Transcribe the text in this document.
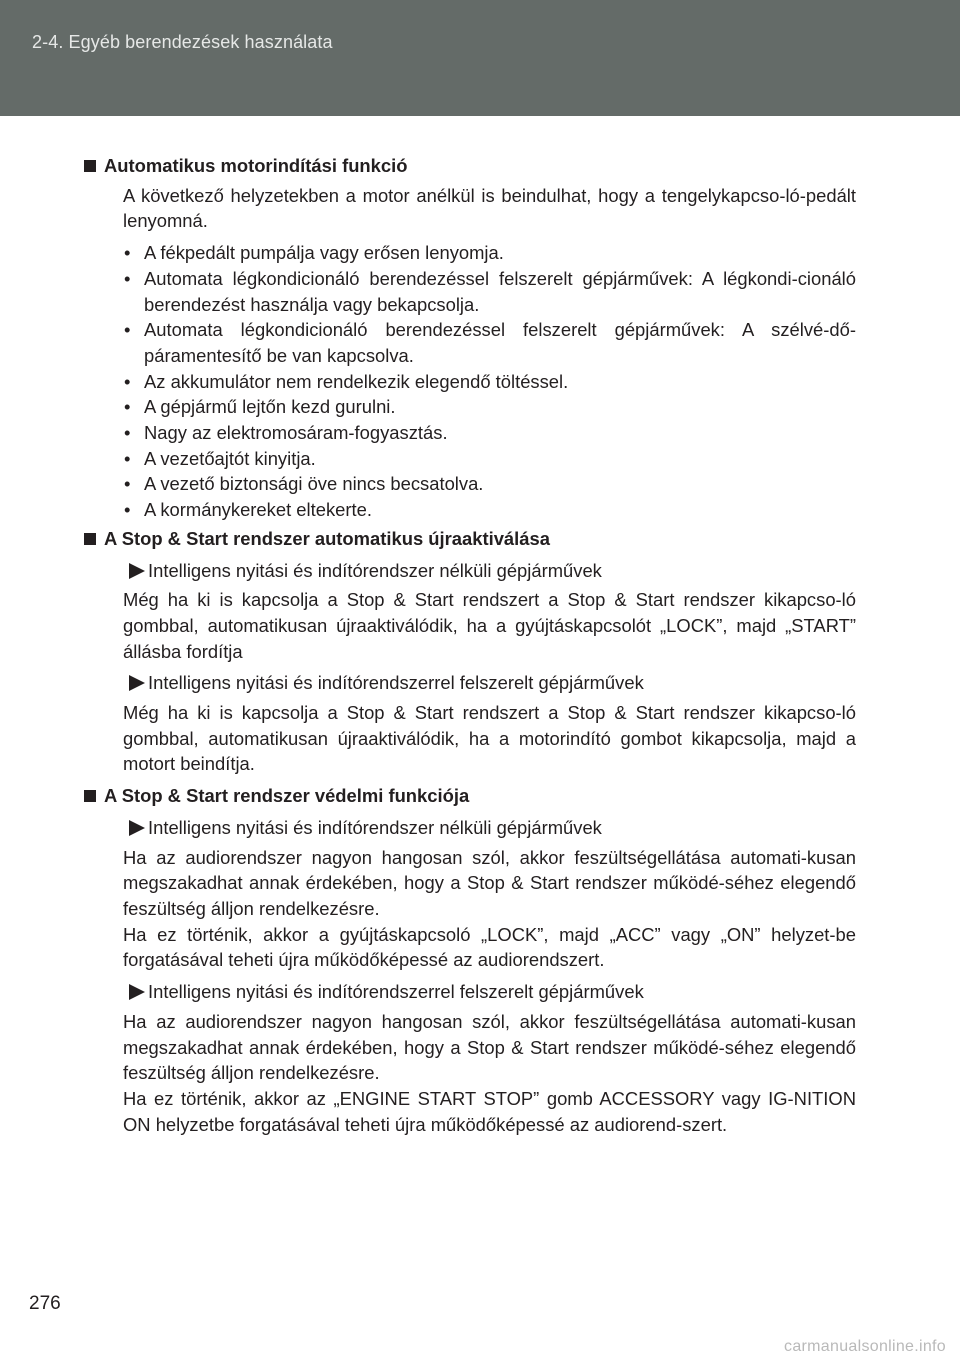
2-4. Egyéb berendezések használata
Automatikus motorindítási funkció
A következő helyzetekben a motor anélkül is beindulhat, hogy a tengelykapcso-ló-pedált lenyomná.
• A fékpedált pumpálja vagy erősen lenyomja.
• Automata légkondicionáló berendezéssel felszerelt gépjárművek: A légkondi-cionáló berendezést használja vagy bekapcsolja.
• Automata légkondicionáló berendezéssel felszerelt gépjárművek: A szélvé-dő-páramentesítő be van kapcsolva.
• Az akkumulátor nem rendelkezik elegendő töltéssel.
• A gépjármű lejtőn kezd gurulni.
• Nagy az elektromosáram-fogyasztás.
• A vezetőajtót kinyitja.
• A vezető biztonsági öve nincs becsatolva.
• A kormánykereket eltekerte.
A Stop & Start rendszer automatikus újraaktiválása
Intelligens nyitási és indítórendszer nélküli gépjárművek
Még ha ki is kapcsolja a Stop & Start rendszert a Stop & Start rendszer kikapcso-ló gombbal, automatikusan újraaktiválódik, ha a gyújtáskapcsolót „LOCK”, majd „START” állásba fordítja
Intelligens nyitási és indítórendszerrel felszerelt gépjárművek
Még ha ki is kapcsolja a Stop & Start rendszert a Stop & Start rendszer kikapcso-ló gombbal, automatikusan újraaktiválódik, ha a motorindító gombot kikapcsolja, majd a motort beindítja.
A Stop & Start rendszer védelmi funkciója
Intelligens nyitási és indítórendszer nélküli gépjárművek
Ha az audiorendszer nagyon hangosan szól, akkor feszültségellátása automati-kusan megszakadhat annak érdekében, hogy a Stop & Start rendszer működé-séhez elegendő feszültség álljon rendelkezésre.
Ha ez történik, akkor a gyújtáskapcsoló „LOCK”, majd „ACC” vagy „ON” helyzet-be forgatásával teheti újra működőképessé az audiorendszert.
Intelligens nyitási és indítórendszerrel felszerelt gépjárművek
Ha az audiorendszer nagyon hangosan szól, akkor feszültségellátása automati-kusan megszakadhat annak érdekében, hogy a Stop & Start rendszer működé-séhez elegendő feszültség álljon rendelkezésre.
Ha ez történik, akkor az „ENGINE START STOP” gomb ACCESSORY vagy IG-NITION ON helyzetbe forgatásával teheti újra működőképessé az audiorend-szert.
276
carmanualsonline.info
